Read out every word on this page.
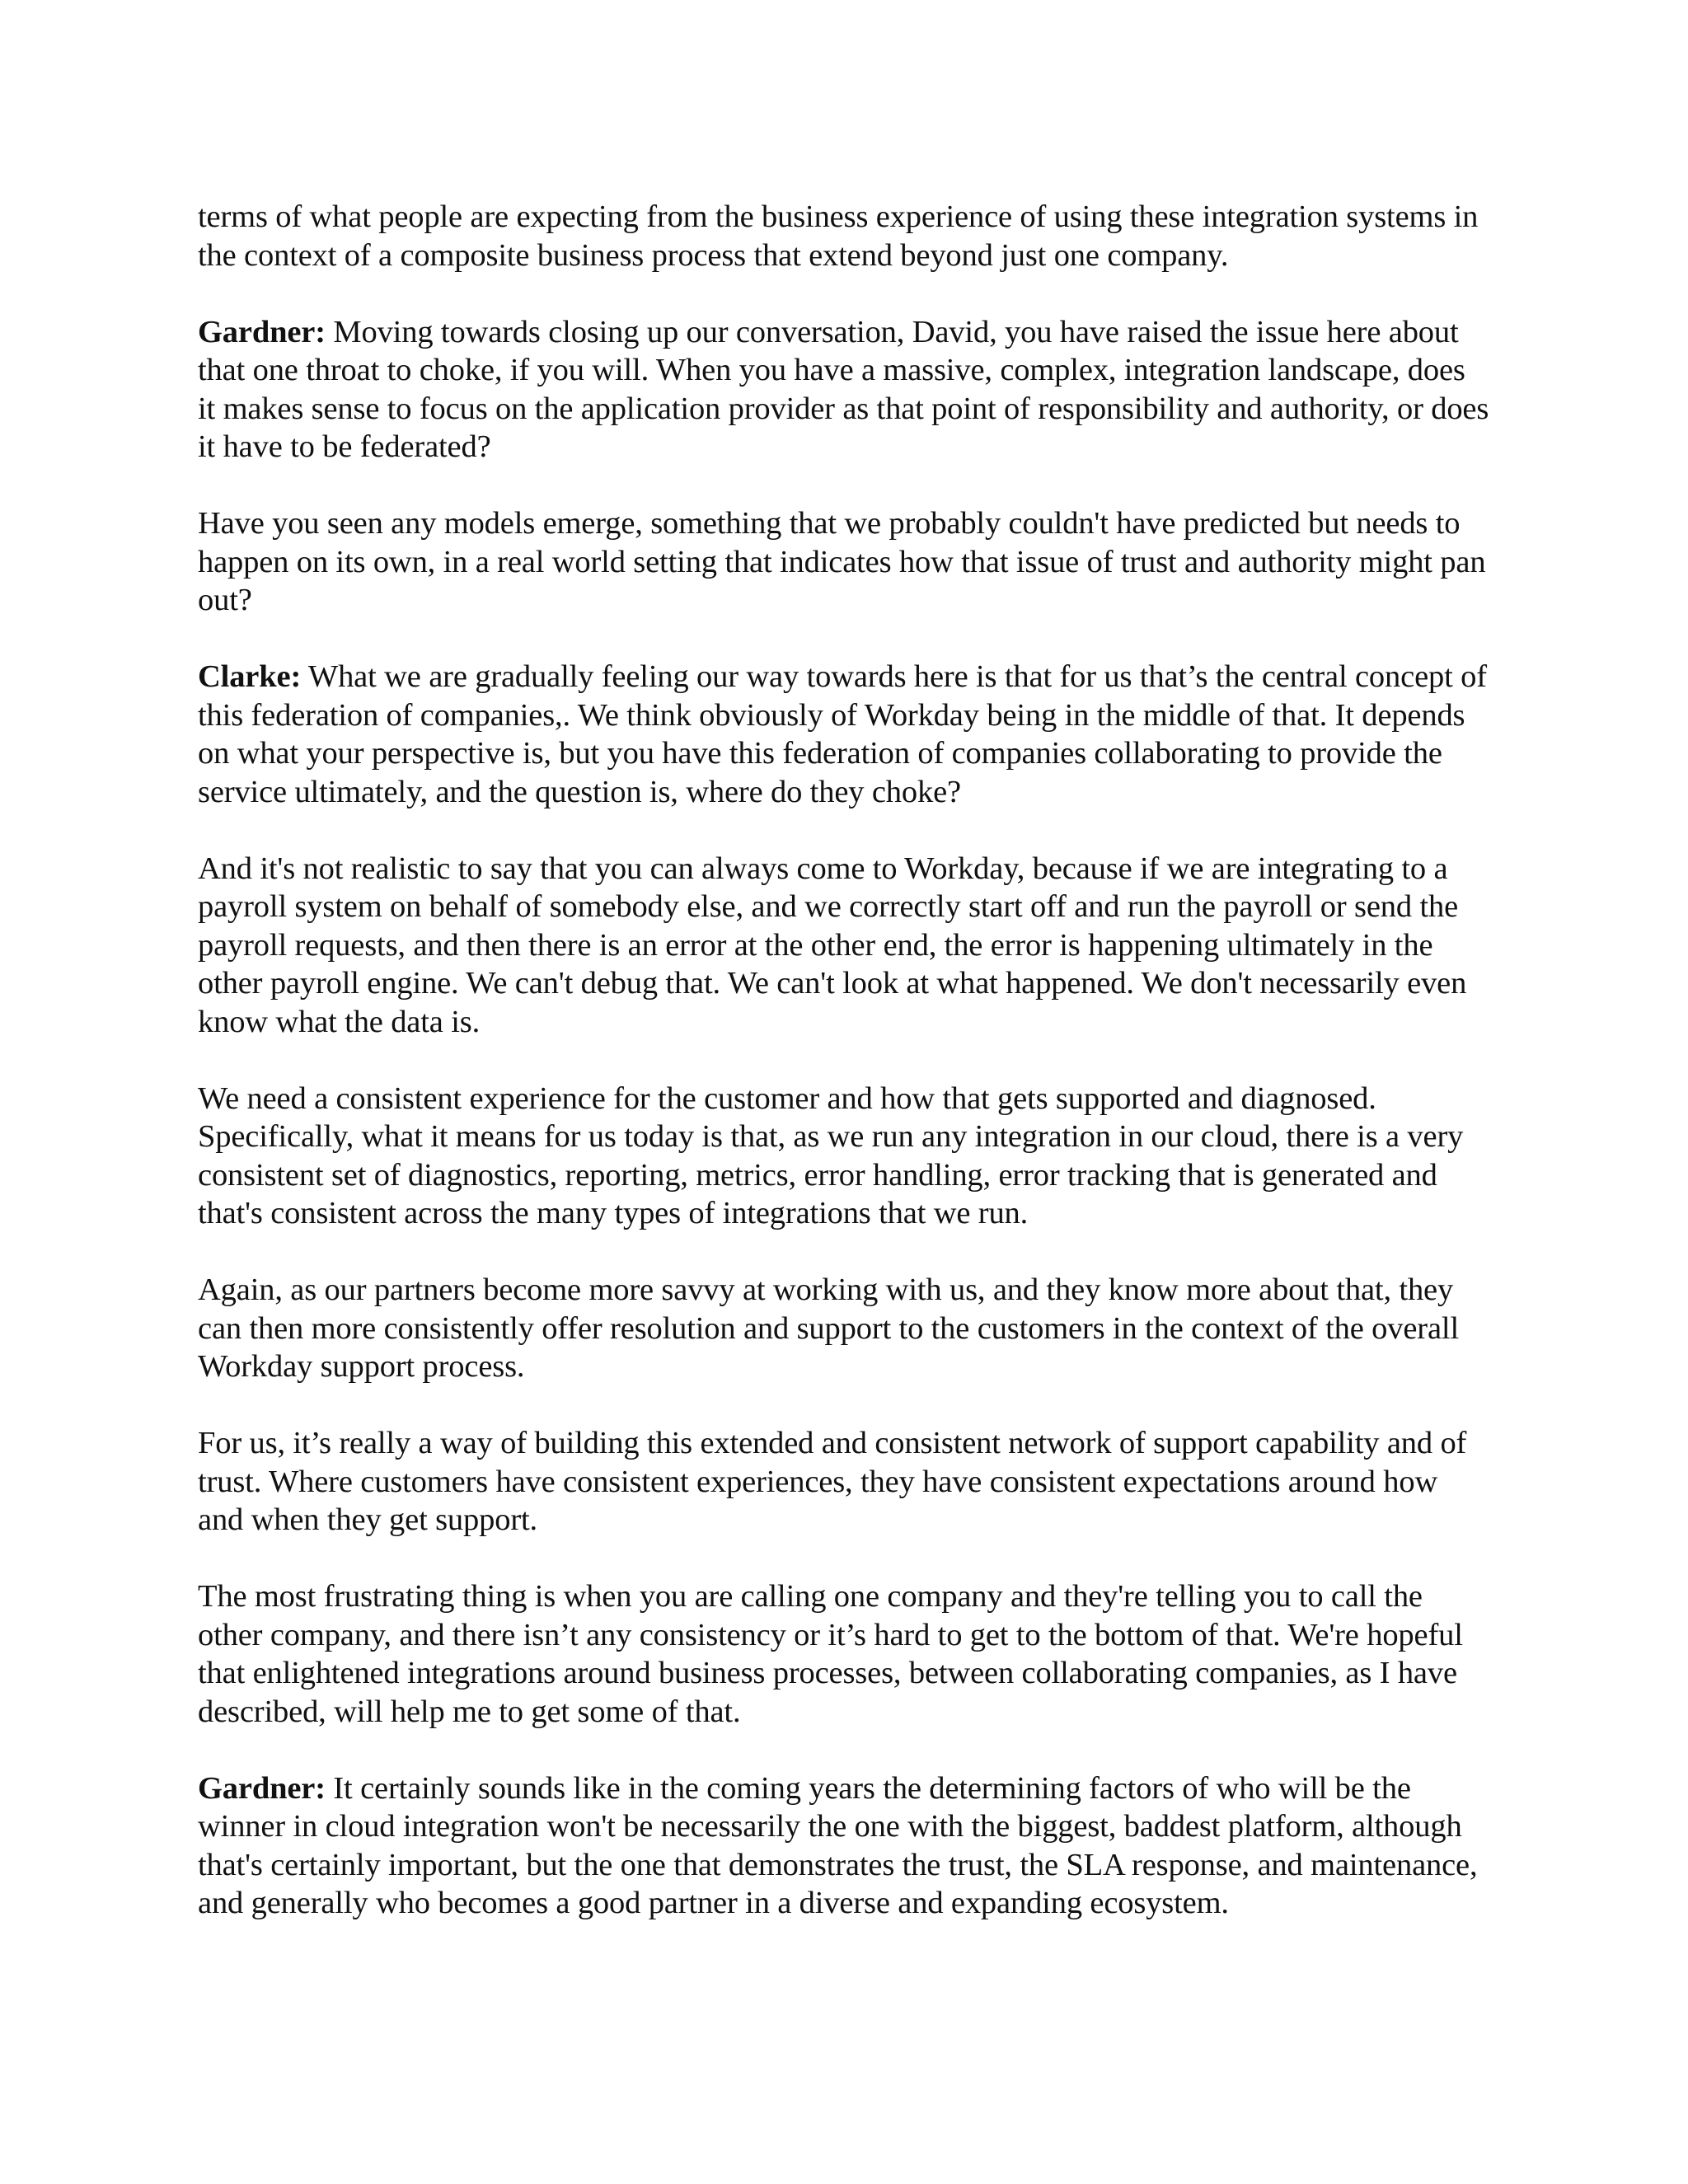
terms of what people are expecting from the business experience of using these integration systems in the context of a composite business process that extend beyond just one company.

Gardner: Moving towards closing up our conversation, David, you have raised the issue here about that one throat to choke, if you will. When you have a massive, complex, integration landscape, does it makes sense to focus on the application provider as that point of responsibility and authority, or does it have to be federated?

Have you seen any models emerge, something that we probably couldn't have predicted but needs to happen on its own, in a real world setting that indicates how that issue of trust and authority might pan out?

Clarke: What we are gradually feeling our way towards here is that for us that’s the central concept of this federation of companies,. We think obviously of Workday being in the middle of that. It depends on what your perspective is, but you have this federation of companies collaborating to provide the service ultimately, and the question is, where do they choke?

And it's not realistic to say that you can always come to Workday, because if we are integrating to a payroll system on behalf of somebody else, and we correctly start off and run the payroll or send the payroll requests, and then there is an error at the other end, the error is happening ultimately in the other payroll engine. We can't debug that. We can't look at what happened. We don't necessarily even know what the data is.

We need a consistent experience for the customer and how that gets supported and diagnosed. Specifically, what it means for us today is that, as we run any integration in our cloud, there is a very consistent set of diagnostics, reporting, metrics, error handling, error tracking that is generated and that's consistent across the many types of integrations that we run.

Again, as our partners become more savvy at working with us, and they know more about that, they can then more consistently offer resolution and support to the customers in the context of the overall Workday support process.

For us, it’s really a way of building this extended and consistent network of support capability and of trust. Where customers have consistent experiences, they have consistent expectations around how and when they get support.

The most frustrating thing is when you are calling one company and they're telling you to call the other company, and there isn’t any consistency or it’s hard to get to the bottom of that. We're hopeful that enlightened integrations around business processes, between collaborating companies, as I have described, will help me to get some of that.

Gardner: It certainly sounds like in the coming years the determining factors of who will be the winner in cloud integration won't be necessarily the one with the biggest, baddest platform, although that's certainly important, but the one that demonstrates the trust, the SLA response, and maintenance, and generally who becomes a good partner in a diverse and expanding ecosystem.
